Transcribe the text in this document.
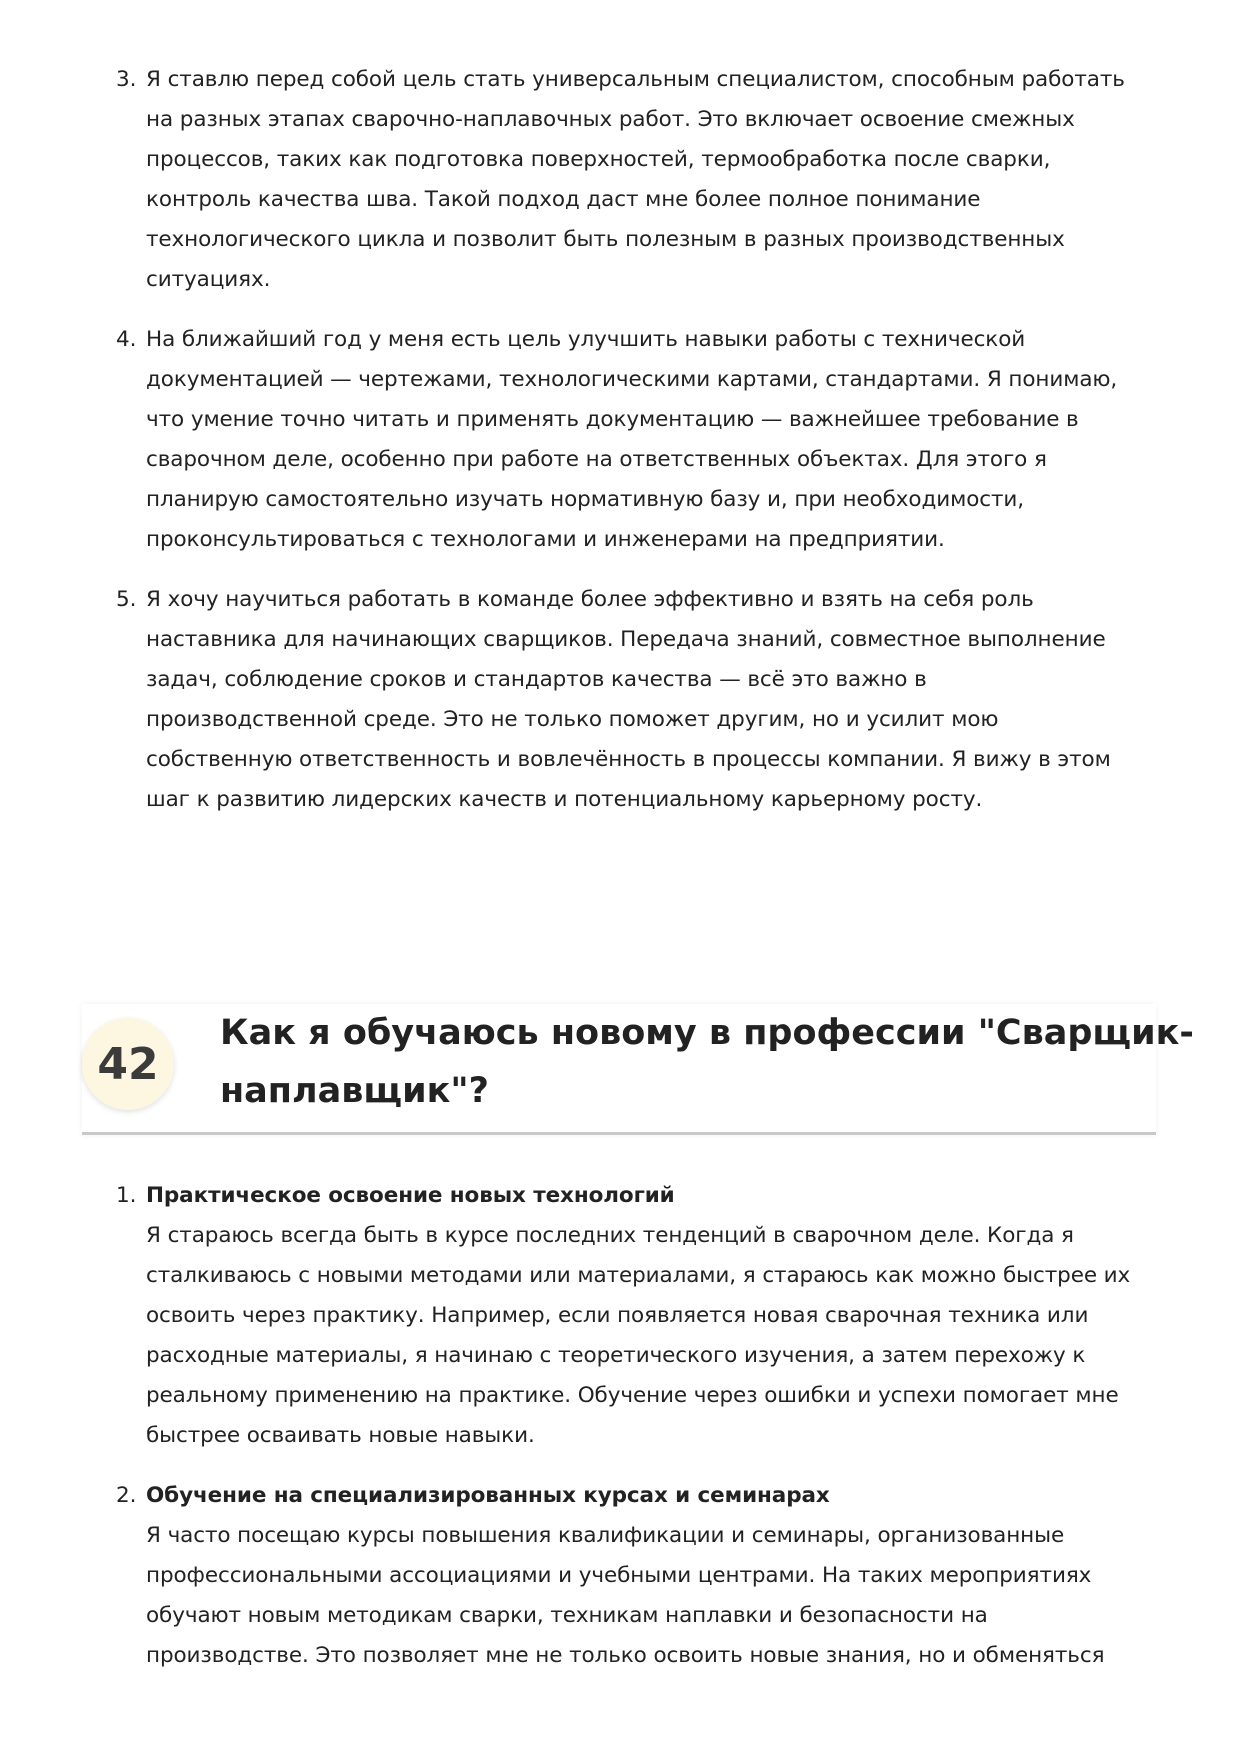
3. Я ставлю перед собой цель стать универсальным специалистом, способным работать
на разных этапах сварочно-наплавочных работ. Это включает освоение смежных
процессов, таких как подготовка поверхностей, термообработка после сварки,
контроль качества шва. Такой подход даст мне более полное понимание
технологического цикла и позволит быть полезным в разных производственных
ситуациях.
4. На ближайший год у меня есть цель улучшить навыки работы с технической
документацией — чертежами, технологическими картами, стандартами. Я понимаю,
что умение точно читать и применять документацию — важнейшее требование в
сварочном деле, особенно при работе на ответственных объектах. Для этого я
планирую самостоятельно изучать нормативную базу и, при необходимости,
проконсультироваться с технологами и инженерами на предприятии.
5. Я хочу научиться работать в команде более эффективно и взять на себя роль
наставника для начинающих сварщиков. Передача знаний, совместное выполнение
задач, соблюдение сроков и стандартов качества — всё это важно в
производственной среде. Это не только поможет другим, но и усилит мою
собственную ответственность и вовлечённость в процессы компании. Я вижу в этом
шаг к развитию лидерских качеств и потенциальному карьерному росту.
42
Как я обучаюсь новому в профессии "Сварщик-
наплавщик"?
1. Практическое освоение новых технологий
Я стараюсь всегда быть в курсе последних тенденций в сварочном деле. Когда я
сталкиваюсь с новыми методами или материалами, я стараюсь как можно быстрее их
освоить через практику. Например, если появляется новая сварочная техника или
расходные материалы, я начинаю с теоретического изучения, а затем перехожу к
реальному применению на практике. Обучение через ошибки и успехи помогает мне
быстрее осваивать новые навыки.
2. Обучение на специализированных курсах и семинарах
Я часто посещаю курсы повышения квалификации и семинары, организованные
профессиональными ассоциациями и учебными центрами. На таких мероприятиях
обучают новым методикам сварки, техникам наплавки и безопасности на
производстве. Это позволяет мне не только освоить новые знания, но и обменяться
